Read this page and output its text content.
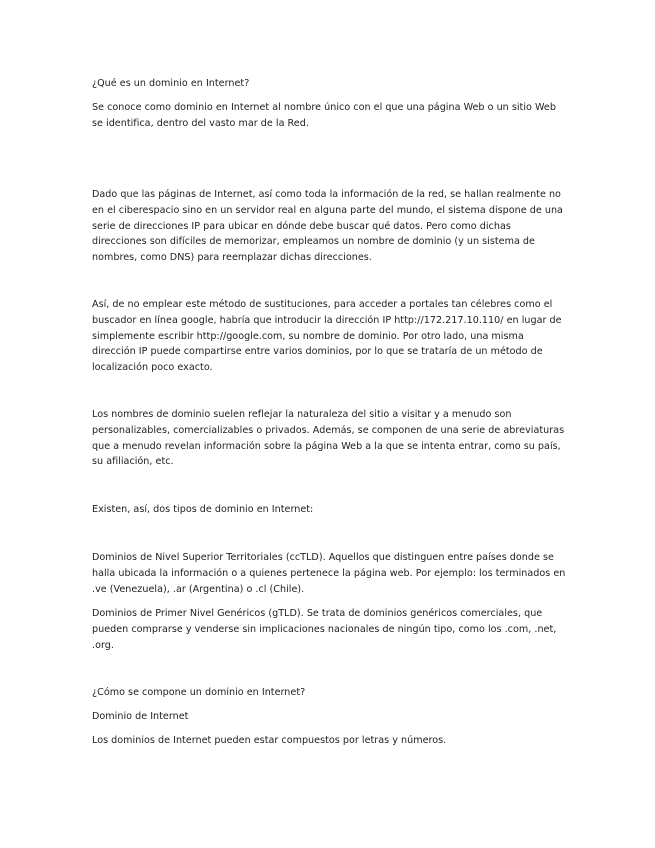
¿Qué es un dominio en Internet?

Se conoce como dominio en Internet al nombre único con el que una página Web o un sitio Web se identifica, dentro del vasto mar de la Red.

Dado que las páginas de Internet, así como toda la información de la red, se hallan realmente no en el ciberespacio sino en un servidor real en alguna parte del mundo, el sistema dispone de una serie de direcciones IP para ubicar en dónde debe buscar qué datos. Pero como dichas direcciones son difíciles de memorizar, empleamos un nombre de dominio (y un sistema de nombres, como DNS) para reemplazar dichas direcciones.

Así, de no emplear este método de sustituciones, para acceder a portales tan célebres como el buscador en línea google, habría que introducir la dirección IP http://172.217.10.110/ en lugar de simplemente escribir http://google.com, su nombre de dominio. Por otro lado, una misma dirección IP puede compartirse entre varios dominios, por lo que se trataría de un método de localización poco exacto.

Los nombres de dominio suelen reflejar la naturaleza del sitio a visitar y a menudo son personalizables, comercializables o privados. Además, se componen de una serie de abreviaturas que a menudo revelan información sobre la página Web a la que se intenta entrar, como su país, su afiliación, etc.

Existen, así, dos tipos de dominio en Internet:

Dominios de Nivel Superior Territoriales (ccTLD). Aquellos que distinguen entre países donde se halla ubicada la información o a quienes pertenece la página web. Por ejemplo: los terminados en .ve (Venezuela), .ar (Argentina) o .cl (Chile).

Dominios de Primer Nivel Genéricos (gTLD). Se trata de dominios genéricos comerciales, que pueden comprarse y venderse sin implicaciones nacionales de ningún tipo, como los .com, .net, .org.

¿Cómo se compone un dominio en Internet?

Dominio de Internet

Los dominios de Internet pueden estar compuestos por letras y números.
